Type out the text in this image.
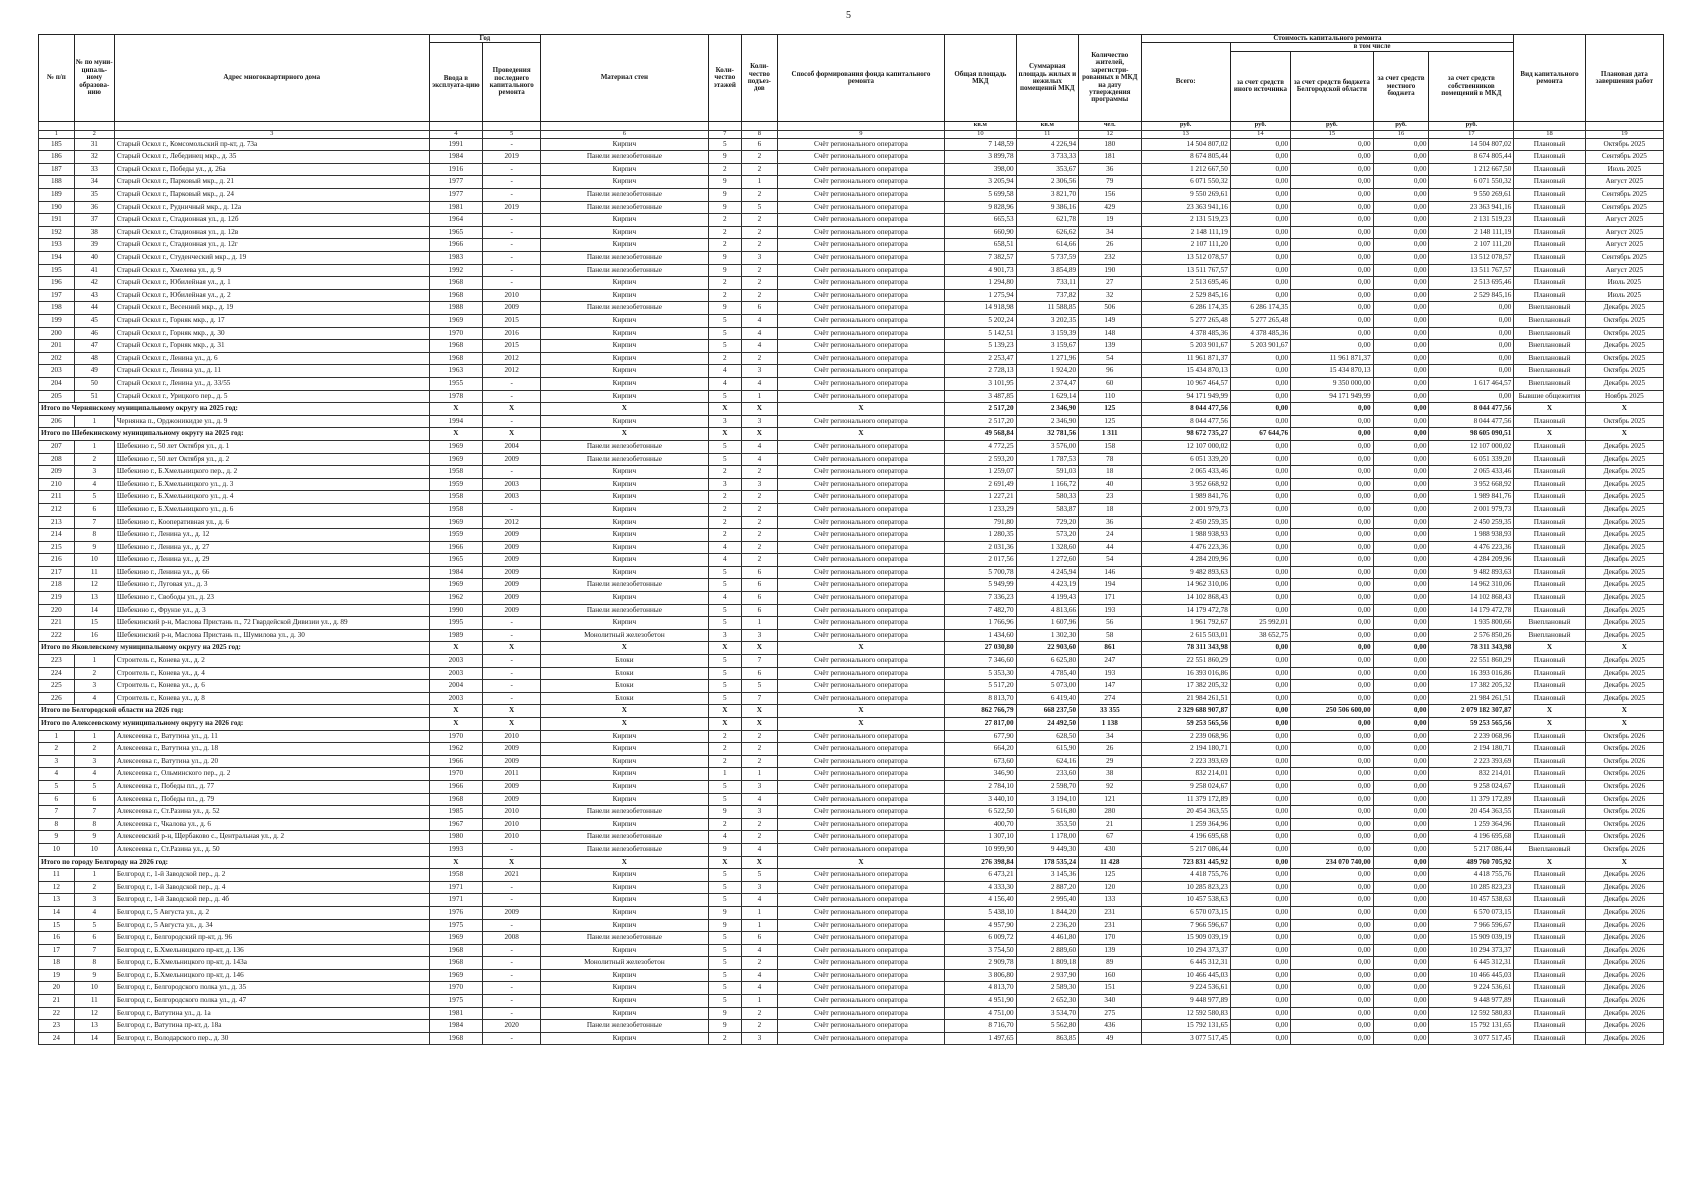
5
№ п/п	№ по муни-ципаль-ному образова-нию	Адрес многоквартирного дома	Год		Материал стен	Коли-чество этажей	Коли-чество подъез-дов	Способ формирования фонда капитального ремонта	Общая площадь МКД	Суммарная площадь жилых и нежилых помещений МКД	Количество жителей, зарегистри-рованных в МКД на дату утверждения программы	Стоимость капитального ремонта					Вид капитального ремонта	Плановая дата завершения работ
			Ввода в эксплуата-цию	Проведения последнего капитального ремонта								Всего:	в том числе					
													за счет средств иного источника	за счет средств бюджета Белгородской области	за счет средств местного бюджета	за счет средств собственников помещений в МКД		
									кв.м	кв.м	чел.	руб.	руб.	руб.	руб.	руб.		
1	2	3	4	5	6	7	8	9	10	11	12	13	14	15	16	17	18	19
185	31	Старый Оскол г., Комсомольский пр-кт, д. 73а	1991	-	Кирпич	5	6	Счёт регионального оператора	7 148,59	4 226,94	180	14 504 807,02	0,00	0,00	0,00	14 504 807,02	Плановый	Октябрь 2025
186	32	Старый Оскол г., Лебединец мкр., д. 35	1984	2019	Панели железобетонные	9	2	Счёт регионального оператора	3 899,78	3 733,33	181	8 674 805,44	0,00	0,00	0,00	8 674 805,44	Плановый	Сентябрь 2025
187	33	Старый Оскол г., Победы ул., д. 26а	1916	-	Кирпич	2	2	Счёт регионального оператора	398,00	353,67	36	1 212 667,50	0,00	0,00	0,00	1 212 667,50	Плановый	Июль 2025
188	34	Старый Оскол г., Парковый мкр., д. 21	1977	-	Кирпич	9	1	Счёт регионального оператора	3 205,94	2 306,56	79	6 071 550,32	0,00	0,00	0,00	6 071 550,32	Плановый	Август 2025
189	35	Старый Оскол г., Парковый мкр., д. 24	1977	-	Панели железобетонные	9	2	Счёт регионального оператора	5 699,58	3 821,70	156	9 550 269,61	0,00	0,00	0,00	9 550 269,61	Плановый	Сентябрь 2025
190	36	Старый Оскол г., Рудничный мкр., д. 12а	1981	2019	Панели железобетонные	9	5	Счёт регионального оператора	9 828,96	9 386,16	429	23 363 941,16	0,00	0,00	0,00	23 363 941,16	Плановый	Сентябрь 2025
191	37	Старый Оскол г., Стадионная ул., д. 12б	1964	-	Кирпич	2	2	Счёт регионального оператора	665,53	621,78	19	2 131 519,23	0,00	0,00	0,00	2 131 519,23	Плановый	Август 2025
192	38	Старый Оскол г., Стадионная ул., д. 12в	1965	-	Кирпич	2	2	Счёт регионального оператора	660,90	626,62	34	2 148 111,19	0,00	0,00	0,00	2 148 111,19	Плановый	Август 2025
193	39	Старый Оскол г., Стадионная ул., д. 12г	1966	-	Кирпич	2	2	Счёт регионального оператора	658,51	614,66	26	2 107 111,20	0,00	0,00	0,00	2 107 111,20	Плановый	Август 2025
194	40	Старый Оскол г., Студенческий мкр., д. 19	1983	-	Панели железобетонные	9	3	Счёт регионального оператора	7 382,57	5 737,59	232	13 512 078,57	0,00	0,00	0,00	13 512 078,57	Плановый	Сентябрь 2025
195	41	Старый Оскол г., Хмелева ул., д. 9	1992	-	Панели железобетонные	9	2	Счёт регионального оператора	4 901,73	3 854,89	190	13 511 767,57	0,00	0,00	0,00	13 511 767,57	Плановый	Август 2025
196	42	Старый Оскол г., Юбилейная ул., д. 1	1968	-	Кирпич	2	2	Счёт регионального оператора	1 294,80	733,11	27	2 513 695,46	0,00	0,00	0,00	2 513 695,46	Плановый	Июль 2025
197	43	Старый Оскол г., Юбилейная ул., д. 2	1968	2010	Кирпич	2	2	Счёт регионального оператора	1 275,94	737,82	32	2 529 845,16	0,00	0,00	0,00	2 529 845,16	Плановый	Июль 2025
198	44	Старый Оскол г., Весенний мкр., д. 19	1988	2009	Панели железобетонные	9	6	Счёт регионального оператора	14 918,98	11 588,85	506	6 286 174,35	6 286 174,35	0,00	0,00	0,00	Внеплановый	Декабрь 2025
199	45	Старый Оскол г., Горняк мкр., д. 17	1969	2015	Кирпич	5	4	Счёт регионального оператора	5 202,24	3 202,35	149	5 277 265,48	5 277 265,48	0,00	0,00	0,00	Внеплановый	Октябрь 2025
200	46	Старый Оскол г., Горняк мкр., д. 30	1970	2016	Кирпич	5	4	Счёт регионального оператора	5 142,51	3 159,39	148	4 378 485,36	4 378 485,36	0,00	0,00	0,00	Внеплановый	Октябрь 2025
201	47	Старый Оскол г., Горняк мкр., д. 31	1968	2015	Кирпич	5	4	Счёт регионального оператора	5 139,23	3 159,67	139	5 203 901,67	5 203 901,67	0,00	0,00	0,00	Внеплановый	Декабрь 2025
202	48	Старый Оскол г., Ленина ул., д. 6	1968	2012	Кирпич	2	2	Счёт регионального оператора	2 253,47	1 271,96	54	11 961 871,37	0,00	11 961 871,37	0,00	0,00	Внеплановый	Октябрь 2025
203	49	Старый Оскол г., Ленина ул., д. 11	1963	2012	Кирпич	4	3	Счёт регионального оператора	2 728,13	1 924,20	96	15 434 870,13	0,00	15 434 870,13	0,00	0,00	Внеплановый	Октябрь 2025
204	50	Старый Оскол г., Ленина ул., д. 33/55	1955	-	Кирпич	4	4	Счёт регионального оператора	3 101,95	2 374,47	60	10 967 464,57	0,00	9 350 000,00	0,00	1 617 464,57	Внеплановый	Декабрь 2025
205	51	Старый Оскол г., Урицкого пер., д. 5	1978	-	Кирпич	5	1	Счёт регионального оператора	3 487,85	1 629,14	110	94 171 949,99	0,00	94 171 949,99	0,00	0,00	Бывшие общежития	Ноябрь 2025
Итого по Чернянскому муниципальному округу на 2025 год:			X	X	X	X	X	X	2 517,20	2 346,90	125	8 044 477,56	0,00	0,00	0,00	8 044 477,56	X	X
206	1	Чернянка п., Орджоникидзе ул., д. 9	1994	-	Кирпич	3	3	Счёт регионального оператора	2 517,20	2 346,90	125	8 044 477,56	0,00	0,00	0,00	8 044 477,56	Плановый	Октябрь 2025
Итого по Шебекинскому муниципальному округу на 2025 год:			X	X	X	X	X	X	49 568,84	32 781,56	1 311	98 672 735,27	67 644,76	0,00	0,00	98 605 090,51	X	X
207	1	Шебекино г., 50 лет Октября ул., д. 1	1969	2004	Панели железобетонные	5	4	Счёт регионального оператора	4 772,25	3 576,00	158	12 107 000,02	0,00	0,00	0,00	12 107 000,02	Плановый	Декабрь 2025
208	2	Шебекино г., 50 лет Октября ул., д. 2	1969	2009	Панели железобетонные	5	4	Счёт регионального оператора	2 593,20	1 787,53	78	6 051 339,20	0,00	0,00	0,00	6 051 339,20	Плановый	Декабрь 2025
209	3	Шебекино г., Б.Хмельницкого пер., д. 2	1958	-	Кирпич	2	2	Счёт регионального оператора	1 259,07	591,03	18	2 065 433,46	0,00	0,00	0,00	2 065 433,46	Плановый	Декабрь 2025
210	4	Шебекино г., Б.Хмельницкого ул., д. 3	1959	2003	Кирпич	3	3	Счёт регионального оператора	2 691,49	1 166,72	40	3 952 668,92	0,00	0,00	0,00	3 952 668,92	Плановый	Декабрь 2025
211	5	Шебекино г., Б.Хмельницкого ул., д. 4	1958	2003	Кирпич	2	2	Счёт регионального оператора	1 227,21	580,33	23	1 989 841,76	0,00	0,00	0,00	1 989 841,76	Плановый	Декабрь 2025
212	6	Шебекино г., Б.Хмельницкого ул., д. 6	1958	-	Кирпич	2	2	Счёт регионального оператора	1 233,29	583,87	18	2 001 979,73	0,00	0,00	0,00	2 001 979,73	Плановый	Декабрь 2025
213	7	Шебекино г., Кооперативная ул., д. 6	1969	2012	Кирпич	2	2	Счёт регионального оператора	791,80	729,20	36	2 450 259,35	0,00	0,00	0,00	2 450 259,35	Плановый	Декабрь 2025
214	8	Шебекино г., Ленина ул., д. 12	1959	2009	Кирпич	2	2	Счёт регионального оператора	1 280,35	573,20	24	1 988 938,93	0,00	0,00	0,00	1 988 938,93	Плановый	Декабрь 2025
215	9	Шебекино г., Ленина ул., д. 27	1966	2009	Кирпич	4	2	Счёт регионального оператора	2 031,36	1 328,60	44	4 476 223,36	0,00	0,00	0,00	4 476 223,36	Плановый	Декабрь 2025
216	10	Шебекино г., Ленина ул., д. 29	1965	2009	Кирпич	4	2	Счёт регионального оператора	2 017,56	1 272,60	54	4 284 209,96	0,00	0,00	0,00	4 284 209,96	Плановый	Декабрь 2025
217	11	Шебекино г., Ленина ул., д. 66	1984	2009	Кирпич	5	6	Счёт регионального оператора	5 700,78	4 245,94	146	9 482 893,63	0,00	0,00	0,00	9 482 893,63	Плановый	Декабрь 2025
218	12	Шебекино г., Луговая ул., д. 3	1969	2009	Панели железобетонные	5	6	Счёт регионального оператора	5 949,99	4 423,19	194	14 962 310,06	0,00	0,00	0,00	14 962 310,06	Плановый	Декабрь 2025
219	13	Шебекино г., Свободы ул., д. 23	1962	2009	Кирпич	4	6	Счёт регионального оператора	7 336,23	4 199,43	171	14 102 868,43	0,00	0,00	0,00	14 102 868,43	Плановый	Декабрь 2025
220	14	Шебекино г., Фрунзе ул., д. 3	1990	2009	Панели железобетонные	5	6	Счёт регионального оператора	7 482,70	4 813,66	193	14 179 472,78	0,00	0,00	0,00	14 179 472,78	Плановый	Декабрь 2025
221	15	Шебекинский р-н, Маслова Пристань п., 72 Гвардейской Дивизии ул., д. 89	1995	-	Кирпич	5	1	Счёт регионального оператора	1 766,96	1 607,96	56	1 961 792,67	25 992,01	0,00	0,00	1 935 800,66	Внеплановый	Декабрь 2025
222	16	Шебекинский р-н, Маслова Пристань п., Шумилова ул., д. 30	1989	-	Монолитный железобетон	3	3	Счёт регионального оператора	1 434,60	1 302,30	58	2 615 503,01	38 652,75	0,00	0,00	2 576 850,26	Внеплановый	Декабрь 2025
Итого по Яковлевскому муниципальному округу на 2025 год:			X	X	X	X	X	X	27 030,80	22 903,60	861	78 311 343,98	0,00	0,00	0,00	78 311 343,98	X	X
223	1	Строитель г., Конева ул., д. 2	2003	-	Блоки	5	7	Счёт регионального оператора	7 346,60	6 625,80	247	22 551 860,29	0,00	0,00	0,00	22 551 860,29	Плановый	Декабрь 2025
224	2	Строитель г., Конева ул., д. 4	2003	-	Блоки	5	6	Счёт регионального оператора	5 353,30	4 785,40	193	16 393 016,86	0,00	0,00	0,00	16 393 016,86	Плановый	Декабрь 2025
225	3	Строитель г., Конева ул., д. 6	2004	-	Блоки	5	5	Счёт регионального оператора	5 517,20	5 073,00	147	17 382 205,32	0,00	0,00	0,00	17 382 205,32	Плановый	Декабрь 2025
226	4	Строитель г., Конева ул., д. 8	2003	-	Блоки	5	7	Счёт регионального оператора	8 813,70	6 419,40	274	21 984 261,51	0,00	0,00	0,00	21 984 261,51	Плановый	Декабрь 2025
Итого по Белгородской области на 2026 год:			X	X	X	X	X	X	862 766,79	668 237,50	33 355	2 329 688 907,87	0,00	250 506 600,00	0,00	2 079 182 307,87	X	X
Итого по Алексеевскому муниципальному округу на 2026 год:			X	X	X	X	X	X	27 817,00	24 492,50	1 138	59 253 565,56	0,00	0,00	0,00	59 253 565,56	X	X
1	1	Алексеевка г., Ватутина ул., д. 11	1970	2010	Кирпич	2	2	Счёт регионального оператора	677,90	628,50	34	2 239 068,96	0,00	0,00	0,00	2 239 068,96	Плановый	Октябрь 2026
2	2	Алексеевка г., Ватутина ул., д. 18	1962	2009	Кирпич	2	2	Счёт регионального оператора	664,20	615,90	26	2 194 180,71	0,00	0,00	0,00	2 194 180,71	Плановый	Октябрь 2026
3	3	Алексеевка г., Ватутина ул., д. 20	1966	2009	Кирпич	2	2	Счёт регионального оператора	673,60	624,16	29	2 223 393,69	0,00	0,00	0,00	2 223 393,69	Плановый	Октябрь 2026
4	4	Алексеевка г., Ольминского пер., д. 2	1970	2011	Кирпич	1	1	Счёт регионального оператора	346,90	233,60	38	832 214,01	0,00	0,00	0,00	832 214,01	Плановый	Октябрь 2026
5	5	Алексеевка г., Победы пл., д. 77	1966	2009	Кирпич	5	3	Счёт регионального оператора	2 784,10	2 598,70	92	9 258 024,67	0,00	0,00	0,00	9 258 024,67	Плановый	Октябрь 2026
6	6	Алексеевка г., Победы пл., д. 79	1968	2009	Кирпич	5	4	Счёт регионального оператора	3 440,10	3 194,10	121	11 379 172,89	0,00	0,00	0,00	11 379 172,89	Плановый	Октябрь 2026
7	7	Алексеевка г., Ст.Разина ул., д. 52	1985	2010	Панели железобетонные	9	3	Счёт регионального оператора	6 522,50	5 616,80	280	20 454 363,55	0,00	0,00	0,00	20 454 363,55	Плановый	Октябрь 2026
8	8	Алексеевка г., Чкалова ул., д. 6	1967	2010	Кирпич	2	2	Счёт регионального оператора	400,70	353,50	21	1 259 364,96	0,00	0,00	0,00	1 259 364,96	Плановый	Октябрь 2026
9	9	Алексеевский р-н, Щербаково с., Центральная ул., д. 2	1980	2010	Панели железобетонные	4	2	Счёт регионального оператора	1 307,10	1 178,00	67	4 196 695,68	0,00	0,00	0,00	4 196 695,68	Плановый	Октябрь 2026
10	10	Алексеевка г., Ст.Разина ул., д. 50	1993	-	Панели железобетонные	9	4	Счёт регионального оператора	10 999,90	9 449,30	430	5 217 086,44	0,00	0,00	0,00	5 217 086,44	Внеплановый	Октябрь 2026
Итого по городу Белгороду на 2026 год:			X	X	X	X	X	X	276 398,84	178 535,24	11 428	723 831 445,92	0,00	234 070 740,00	0,00	489 760 705,92	X	X
11	1	Белгород г., 1-й Заводской пер., д. 2	1958	2021	Кирпич	5	5	Счёт регионального оператора	6 473,21	3 145,36	125	4 418 755,76	0,00	0,00	0,00	4 418 755,76	Плановый	Декабрь 2026
12	2	Белгород г., 1-й Заводской пер., д. 4	1971	-	Кирпич	5	3	Счёт регионального оператора	4 333,30	2 887,20	120	10 285 823,23	0,00	0,00	0,00	10 285 823,23	Плановый	Декабрь 2026
13	3	Белгород г., 1-й Заводской пер., д. 4б	1971	-	Кирпич	5	4	Счёт регионального оператора	4 156,40	2 995,40	133	10 457 538,63	0,00	0,00	0,00	10 457 538,63	Плановый	Декабрь 2026
14	4	Белгород г., 5 Августа ул., д. 2	1976	2009	Кирпич	9	1	Счёт регионального оператора	5 438,10	1 844,20	231	6 570 073,15	0,00	0,00	0,00	6 570 073,15	Плановый	Декабрь 2026
15	5	Белгород г., 5 Августа ул., д. 34	1975	-	Кирпич	9	1	Счёт регионального оператора	4 957,90	2 236,20	231	7 966 596,67	0,00	0,00	0,00	7 966 596,67	Плановый	Декабрь 2026
16	6	Белгород г., Белгородский пр-кт, д. 96	1969	2008	Панели железобетонные	5	6	Счёт регионального оператора	6 009,72	4 461,80	170	15 909 039,19	0,00	0,00	0,00	15 909 039,19	Плановый	Декабрь 2026
17	7	Белгород г., Б.Хмельницкого пр-кт, д. 136	1968	-	Кирпич	5	4	Счёт регионального оператора	3 754,50	2 889,60	139	10 294 373,37	0,00	0,00	0,00	10 294 373,37	Плановый	Декабрь 2026
18	8	Белгород г., Б.Хмельницкого пр-кт, д. 143а	1968	-	Монолитный железобетон	5	2	Счёт регионального оператора	2 909,78	1 809,18	89	6 445 312,31	0,00	0,00	0,00	6 445 312,31	Плановый	Декабрь 2026
19	9	Белгород г., Б.Хмельницкого пр-кт, д. 146	1969	-	Кирпич	5	4	Счёт регионального оператора	3 806,80	2 937,90	160	10 466 445,03	0,00	0,00	0,00	10 466 445,03	Плановый	Декабрь 2026
20	10	Белгород г., Белгородского полка ул., д. 35	1970	-	Кирпич	5	4	Счёт регионального оператора	4 813,70	2 589,30	151	9 224 536,61	0,00	0,00	0,00	9 224 536,61	Плановый	Декабрь 2026
21	11	Белгород г., Белгородского полка ул., д. 47	1975	-	Кирпич	5	1	Счёт регионального оператора	4 951,90	2 652,30	340	9 448 977,89	0,00	0,00	0,00	9 448 977,89	Плановый	Декабрь 2026
22	12	Белгород г., Ватутина ул., д. 1а	1981	-	Кирпич	9	2	Счёт регионального оператора	4 751,00	3 534,70	275	12 592 580,83	0,00	0,00	0,00	12 592 580,83	Плановый	Декабрь 2026
23	13	Белгород г., Ватутина пр-кт, д. 18а	1984	2020	Панели железобетонные	9	2	Счёт регионального оператора	8 716,70	5 562,80	436	15 792 131,65	0,00	0,00	0,00	15 792 131,65	Плановый	Декабрь 2026
24	14	Белгород г., Володарского пер., д. 30	1968	-	Кирпич	2	3	Счёт регионального оператора	1 497,65	863,85	49	3 077 517,45	0,00	0,00	0,00	3 077 517,45	Плановый	Декабрь 2026
